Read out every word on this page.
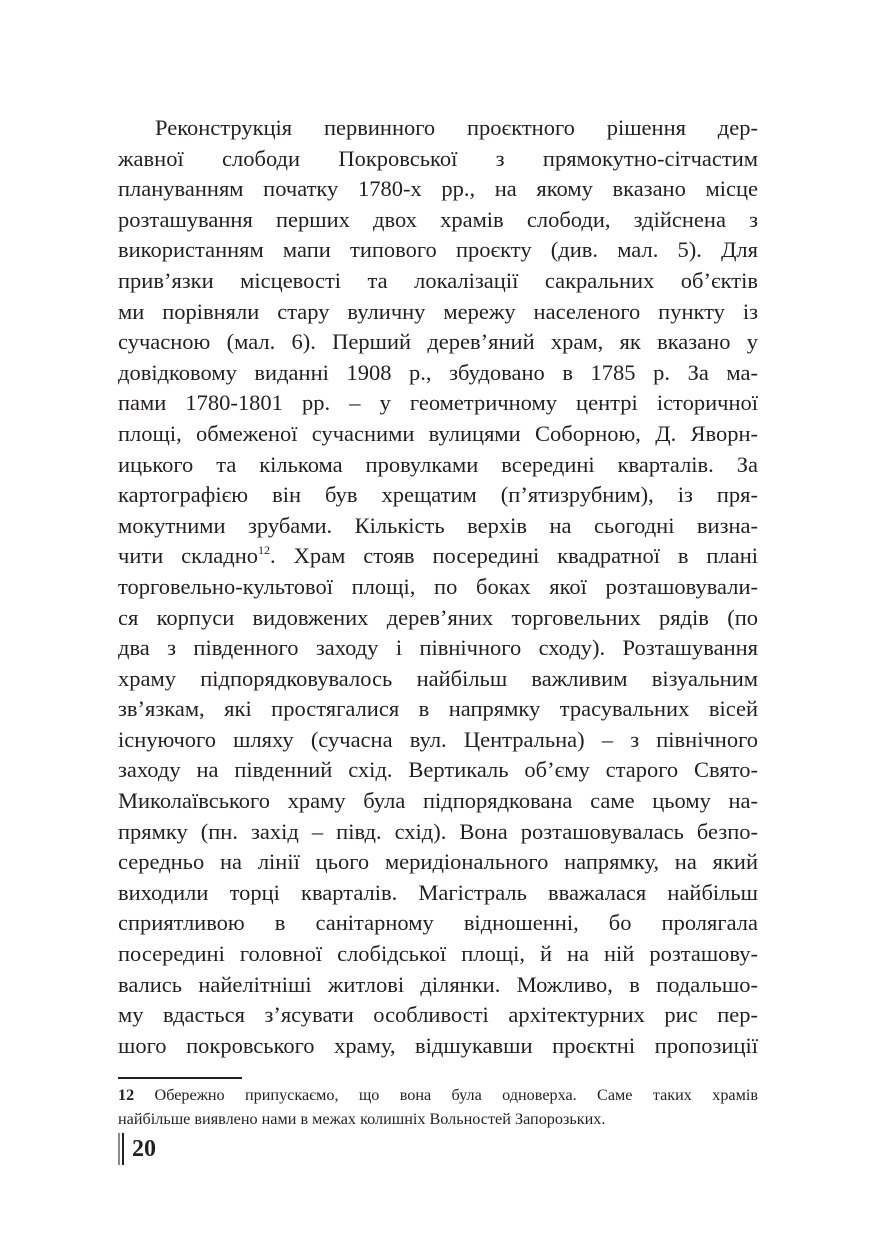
Реконструкція первинного проєктного рішення дер-
жавної слободи Покровської з прямокутно-сітчастим
плануванням початку 1780-х рр., на якому вказано місце
розташування перших двох храмів слободи, здійснена з
використанням мапи типового проєкту (див. мал. 5). Для
прив’язки місцевості та локалізації сакральних об’єктів
ми порівняли стару вуличну мережу населеного пункту із
сучасною (мал. 6). Перший дерев’яний храм, як вказано у
довідковому виданні 1908 р., збудовано в 1785 р. За ма-
пами 1780-1801 рр. – у геометричному центрі історичної
площі, обмеженої сучасними вулицями Соборною, Д. Яворн-
ицького та кількома провулками всередині кварталів. За
картографією він був хрещатим (п’ятизрубним), із пря-
мокутними зрубами. Кількість верхів на сьогодні визна-
чити складно$^{12}$. Храм стояв посередині квадратної в плані
торговельно-культової площі, по боках якої розташовували-
ся корпуси видовжених дерев’яних торговельних рядів (по
два з південного заходу і північного сходу). Розташування
храму підпорядковувалось найбільш важливим візуальним
зв’язкам, які простягалися в напрямку трасувальних вісей
існуючого шляху (сучасна вул. Центральна) – з північного
заходу на південний схід. Вертикаль об’єму старого Свято-
Миколаївського храму була підпорядкована саме цьому на-
прямку (пн. захід – півд. схід). Вона розташовувалась безпо-
середньо на лінії цього меридіонального напрямку, на який
виходили торці кварталів. Магістраль вважалася найбільш
сприятливою в санітарному відношенні, бо пролягала
посередині головної слобідської площі, й на ній розташову-
вались найелітніші житлові ділянки. Можливо, в подальшо-
му вдасться з’ясувати особливості архітектурних рис пер-
шого покровського храму, відшукавши проєктні пропозиції
12 Обережно припускаємо, що вона була одноверха. Саме таких храмів
найбільше виявлено нами в межах колишніх Вольностей Запорозьких.
20
